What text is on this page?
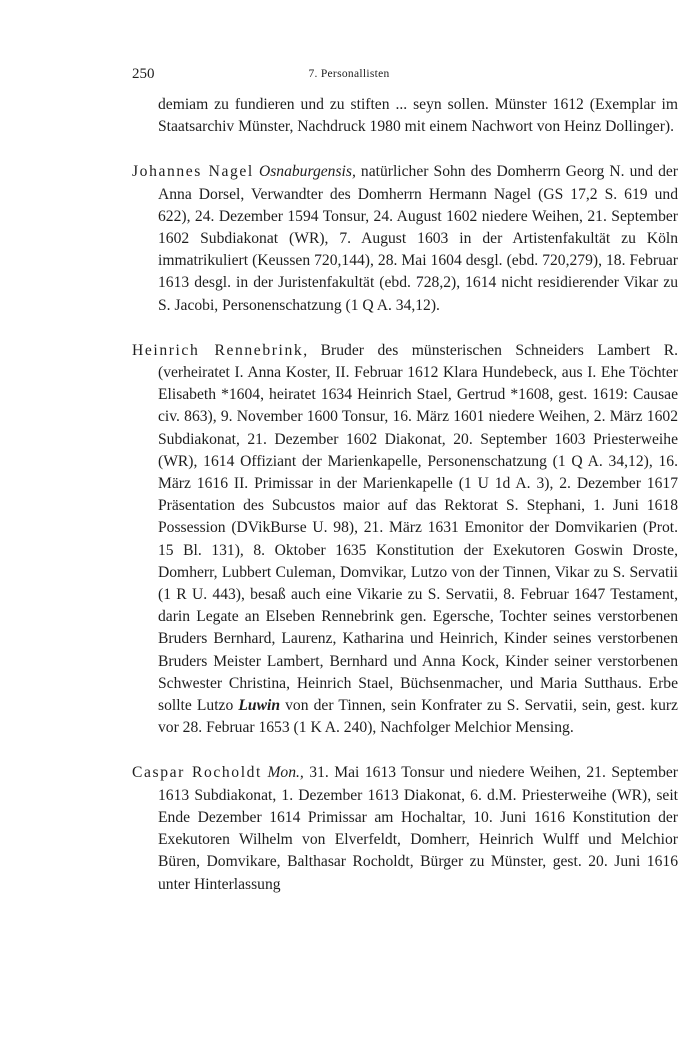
250	7. Personallisten

demiam zu fundieren und zu stiften ... seyn sollen. Münster 1612 (Exemplar im Staatsarchiv Münster, Nachdruck 1980 mit einem Nachwort von Heinz Dollinger).

Johannes Nagel Osnaburgensis, natürlicher Sohn des Domherrn Georg N. und der Anna Dorsel, Verwandter des Domherrn Hermann Nagel (GS 17,2 S. 619 und 622), 24. Dezember 1594 Tonsur, 24. August 1602 niedere Weihen, 21. September 1602 Subdiakonat (WR), 7. August 1603 in der Artistenfakultät zu Köln immatrikuliert (Keussen 720,144), 28. Mai 1604 desgl. (ebd. 720,279), 18. Februar 1613 desgl. in der Juristenfakultät (ebd. 728,2), 1614 nicht residierender Vikar zu S. Jacobi, Personenschatzung (1 Q A. 34,12).

Heinrich Rennebrink, Bruder des münsterischen Schneiders Lambert R. (verheiratet I. Anna Koster, II. Februar 1612 Klara Hundebeck, aus I. Ehe Töchter Elisabeth *1604, heiratet 1634 Heinrich Stael, Gertrud *1608, gest. 1619: Causae civ. 863), 9. November 1600 Tonsur, 16. März 1601 niedere Weihen, 2. März 1602 Subdiakonat, 21. Dezember 1602 Diakonat, 20. September 1603 Priesterweihe (WR), 1614 Offiziant der Marienkapelle, Personenschatzung (1 Q A. 34,12), 16. März 1616 II. Primissar in der Marienkapelle (1 U 1d A. 3), 2. Dezember 1617 Präsentation des Subcustos maior auf das Rektorat S. Stephani, 1. Juni 1618 Possession (DVikBurse U. 98), 21. März 1631 Emonitor der Domvikarien (Prot. 15 Bl. 131), 8. Oktober 1635 Konstitution der Exekutoren Goswin Droste, Domherr, Lubbert Culeman, Domvikar, Lutzo von der Tinnen, Vikar zu S. Servatii (1 R U. 443), besaß auch eine Vikarie zu S. Servatii, 8. Februar 1647 Testament, darin Legate an Elseben Rennebrink gen. Egersche, Tochter seines verstorbenen Bruders Bernhard, Laurenz, Katharina und Heinrich, Kinder seines verstorbenen Bruders Meister Lambert, Bernhard und Anna Kock, Kinder seiner verstorbenen Schwester Christina, Heinrich Stael, Büchsenmacher, und Maria Sutthaus. Erbe sollte Lutzo Luwin von der Tinnen, sein Konfrater zu S. Servatii, sein, gest. kurz vor 28. Februar 1653 (1 K A. 240), Nachfolger Melchior Mensing.

Caspar Rocholdt Mon., 31. Mai 1613 Tonsur und niedere Weihen, 21. September 1613 Subdiakonat, 1. Dezember 1613 Diakonat, 6. d.M. Priesterweihe (WR), seit Ende Dezember 1614 Primissar am Hochaltar, 10. Juni 1616 Konstitution der Exekutoren Wilhelm von Elverfeldt, Domherr, Heinrich Wulff und Melchior Büren, Domvikare, Balthasar Rocholdt, Bürger zu Münster, gest. 20. Juni 1616 unter Hinterlassung
